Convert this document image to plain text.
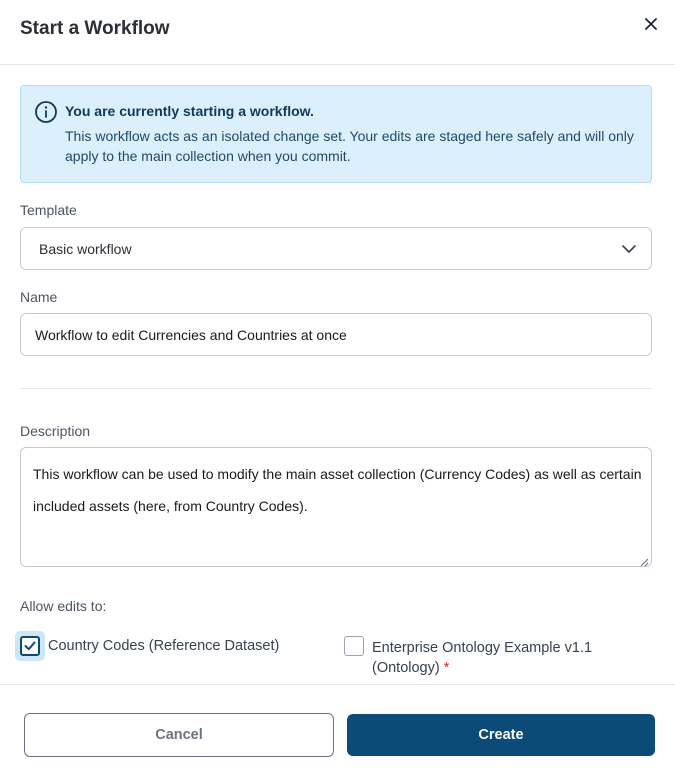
Start a Workflow
You are currently starting a workflow.
This workflow acts as an isolated change set. Your edits are staged here safely and will only apply to the main collection when you commit.
Template
Basic workflow
Name
Workflow to edit Currencies and Countries at once
Description
This workflow can be used to modify the main asset collection (Currency Codes) as well as certain included assets (here, from Country Codes).
Allow edits to:
Country Codes (Reference Dataset)	Enterprise Ontology Example v1.1 (Ontology) *
Cancel	Create
